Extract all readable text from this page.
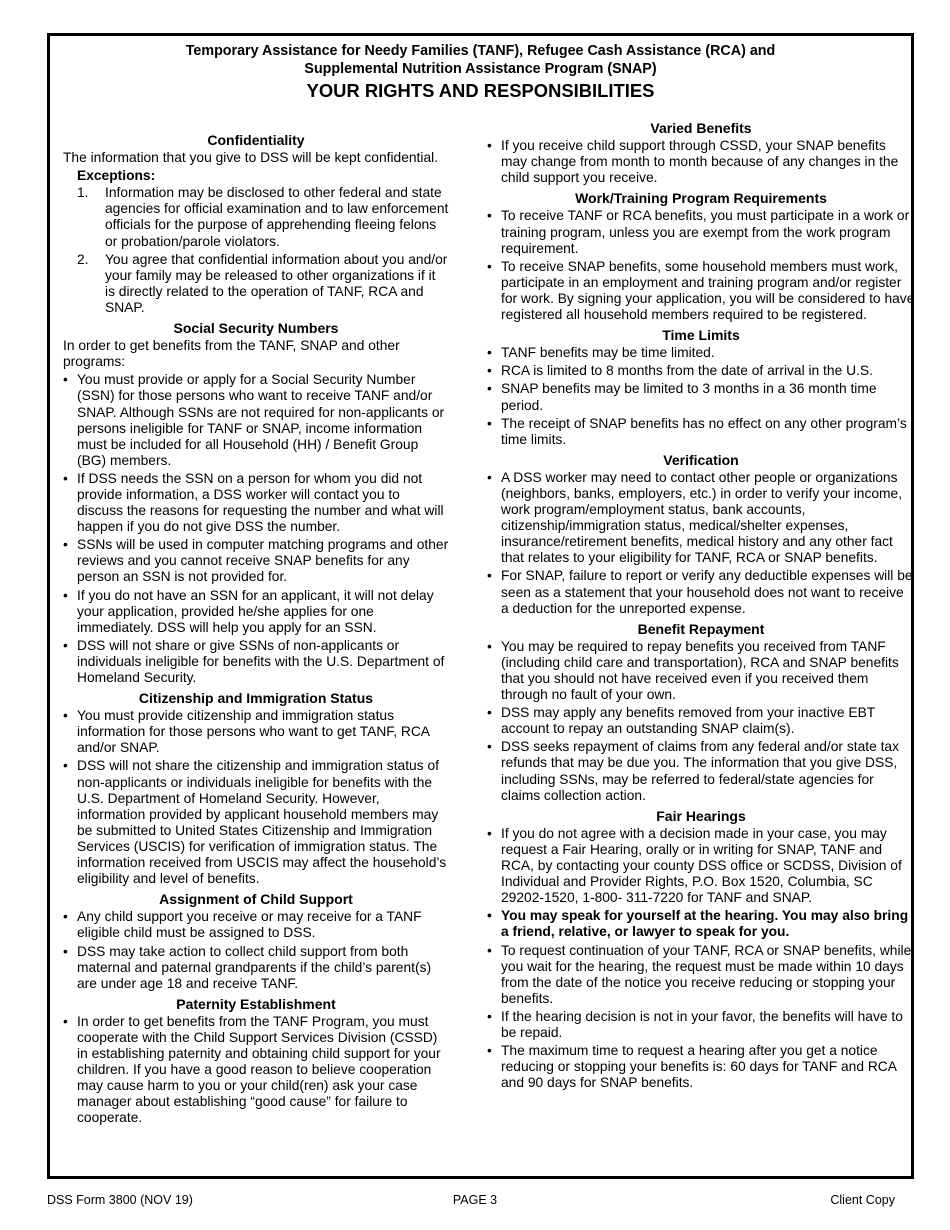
Temporary Assistance for Needy Families (TANF), Refugee Cash Assistance (RCA) and
Supplemental Nutrition Assistance Program (SNAP)
YOUR RIGHTS AND RESPONSIBILITIES
Confidentiality

The information that you give to DSS will be kept confidential.

Exceptions:
1. Information may be disclosed to other federal and state agencies for official examination and to law enforcement officials for the purpose of apprehending fleeing felons or probation/parole violators.
2. You agree that confidential information about you and/or your family may be released to other organizations if it is directly related to the operation of TANF, RCA and SNAP.
Social Security Numbers

In order to get benefits from the TANF, SNAP and other programs:

• You must provide or apply for a Social Security Number (SSN) for those persons who want to receive TANF and/or SNAP. Although SSNs are not required for non-applicants or persons ineligible for TANF or SNAP, income information must be included for all Household (HH) / Benefit Group (BG) members.
• If DSS needs the SSN on a person for whom you did not provide information, a DSS worker will contact you to discuss the reasons for requesting the number and what will happen if you do not give DSS the number.
• SSNs will be used in computer matching programs and other reviews and you cannot receive SNAP benefits for any person an SSN is not provided for.
• If you do not have an SSN for an applicant, it will not delay your application, provided he/she applies for one immediately. DSS will help you apply for an SSN.
• DSS will not share or give SSNs of non-applicants or individuals ineligible for benefits with the U.S. Department of Homeland Security.
Citizenship and Immigration Status
• You must provide citizenship and immigration status information for those persons who want to get TANF, RCA and/or SNAP.
• DSS will not share the citizenship and immigration status of non-applicants or individuals ineligible for benefits with the U.S. Department of Homeland Security. However, information provided by applicant household members may be submitted to United States Citizenship and Immigration Services (USCIS) for verification of immigration status. The information received from USCIS may affect the household’s eligibility and level of benefits.
Assignment of Child Support
• Any child support you receive or may receive for a TANF eligible child must be assigned to DSS.
• DSS may take action to collect child support from both maternal and paternal grandparents if the child’s parent(s) are under age 18 and receive TANF.
Paternity Establishment
• In order to get benefits from the TANF Program, you must cooperate with the Child Support Services Division (CSSD) in establishing paternity and obtaining child support for your children. If you have a good reason to believe cooperation may cause harm to you or your child(ren) ask your case manager about establishing “good cause” for failure to cooperate.
Varied Benefits
• If you receive child support through CSSD, your SNAP benefits may change from month to month because of any changes in the child support you receive.
Work/Training Program Requirements
• To receive TANF or RCA benefits, you must participate in a work or training program, unless you are exempt from the work program requirement.
• To receive SNAP benefits, some household members must work, participate in an employment and training program and/or register for work. By signing your application, you will be considered to have registered all household members required to be registered.
Time Limits
• TANF benefits may be time limited.
• RCA is limited to 8 months from the date of arrival in the U.S.
• SNAP benefits may be limited to 3 months in a 36 month time period.
• The receipt of SNAP benefits has no effect on any other program’s time limits.
Verification
• A DSS worker may need to contact other people or organizations (neighbors, banks, employers, etc.) in order to verify your income, work program/employment status, bank accounts, citizenship/immigration status, medical/shelter expenses, insurance/retirement benefits, medical history and any other fact that relates to your eligibility for TANF, RCA or SNAP benefits.
• For SNAP, failure to report or verify any deductible expenses will be seen as a statement that your household does not want to receive a deduction for the unreported expense.
Benefit Repayment
• You may be required to repay benefits you received from TANF (including child care and transportation), RCA and SNAP benefits that you should not have received even if you received them through no fault of your own.
• DSS may apply any benefits removed from your inactive EBT account to repay an outstanding SNAP claim(s).
• DSS seeks repayment of claims from any federal and/or state tax refunds that may be due you. The information that you give DSS, including SSNs, may be referred to federal/state agencies for claims collection action.
Fair Hearings
• If you do not agree with a decision made in your case, you may request a Fair Hearing, orally or in writing for SNAP, TANF and RCA, by contacting your county DSS office or SCDSS, Division of Individual and Provider Rights, P.O. Box 1520, Columbia, SC 29202-1520, 1-800- 311-7220 for TANF and SNAP.
• You may speak for yourself at the hearing. You may also bring a friend, relative, or lawyer to speak for you.
• To request continuation of your TANF, RCA or SNAP benefits, while you wait for the hearing, the request must be made within 10 days from the date of the notice you receive reducing or stopping your benefits.
• If the hearing decision is not in your favor, the benefits will have to be repaid.
• The maximum time to request a hearing after you get a notice reducing or stopping your benefits is: 60 days for TANF and RCA and 90 days for SNAP benefits.
DSS Form 3800 (NOV 19)	PAGE 3	Client Copy
